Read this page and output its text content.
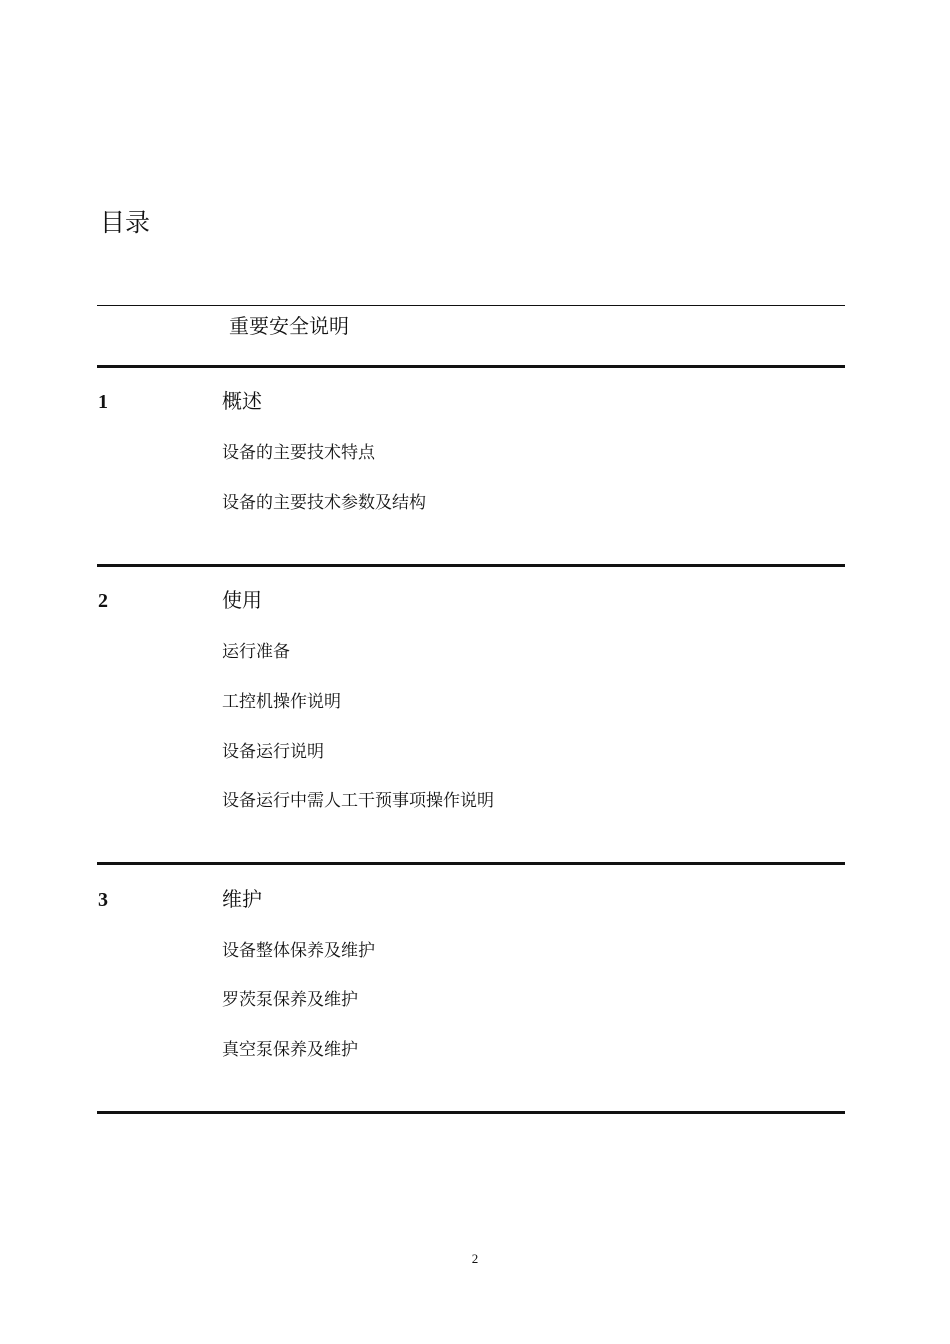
目录
重要安全说明
1	概述
设备的主要技术特点
设备的主要技术参数及结构
2	使用
运行准备
工控机操作说明
设备运行说明
设备运行中需人工干预事项操作说明
3	维护
设备整体保养及维护
罗茨泵保养及维护
真空泵保养及维护
2
